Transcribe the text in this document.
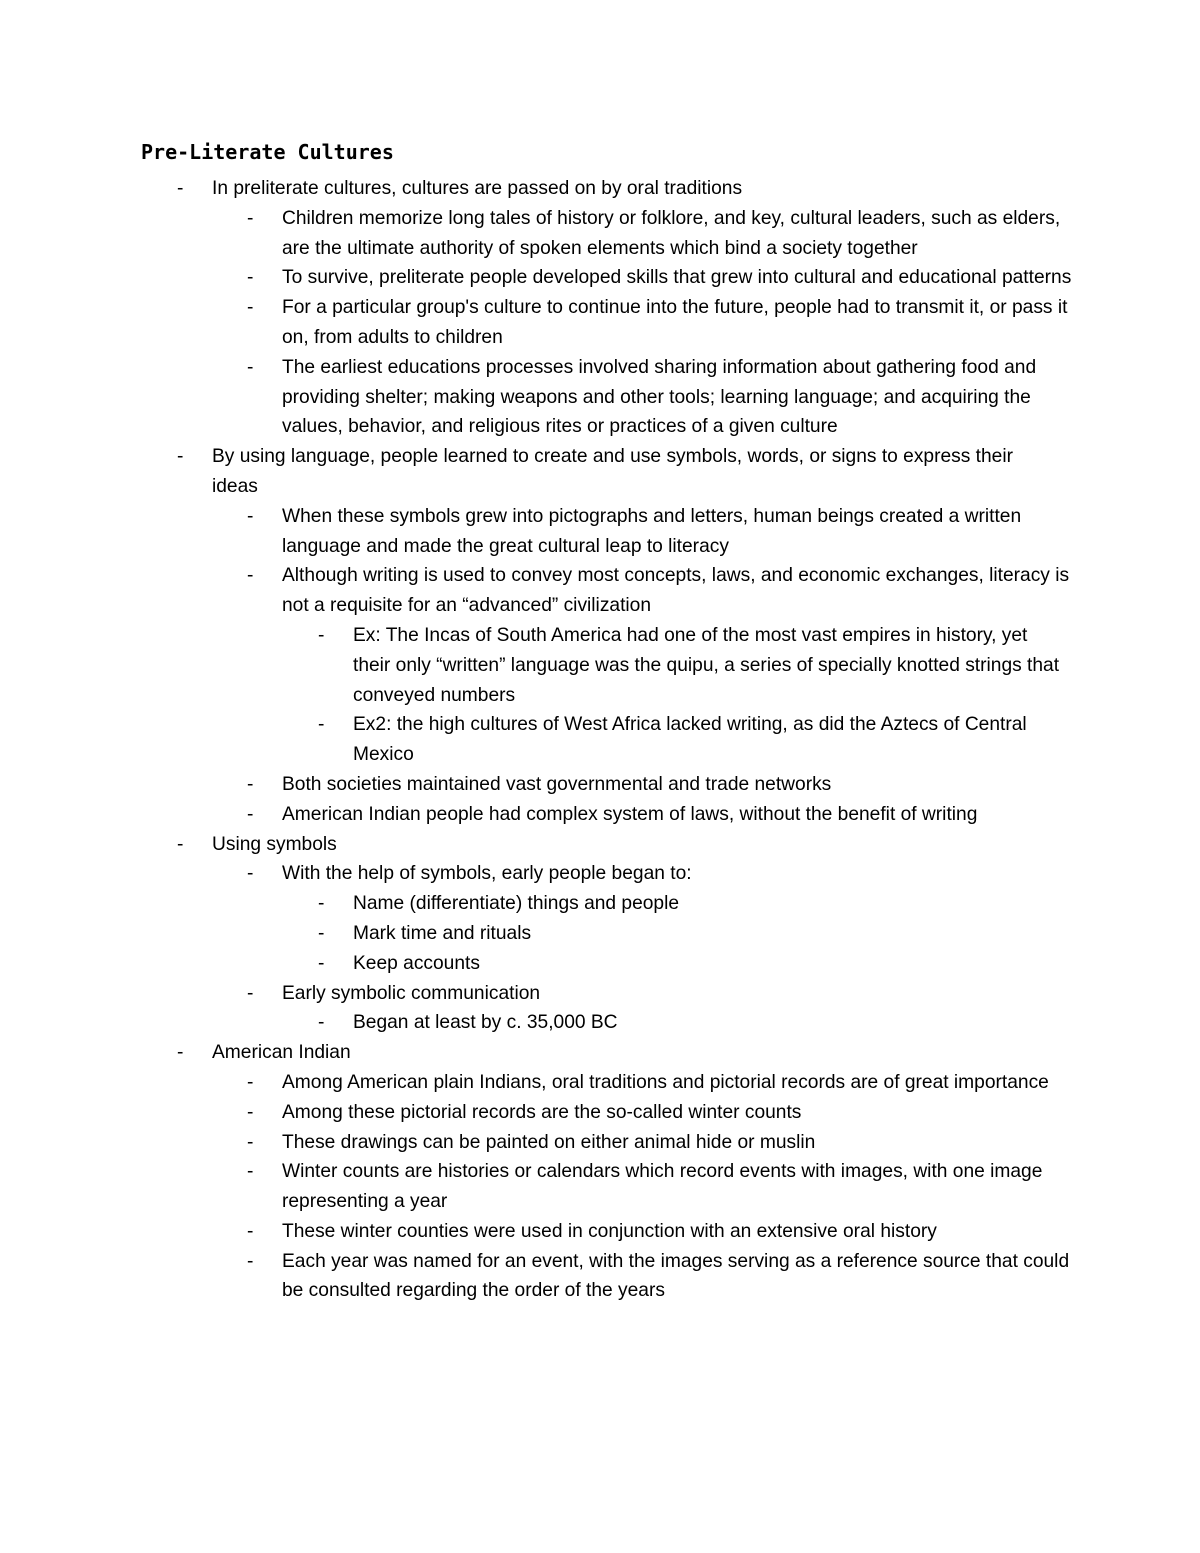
Pre-Literate Cultures
- In preliterate cultures, cultures are passed on by oral traditions
- Children memorize long tales of history or folklore, and key, cultural leaders, such as elders, are the ultimate authority of spoken elements which bind a society together
- To survive, preliterate people developed skills that grew into cultural and educational patterns
- For a particular group's culture to continue into the future, people had to transmit it, or pass it on, from adults to children
- The earliest educations processes involved sharing information about gathering food and providing shelter; making weapons and other tools; learning language; and acquiring the values, behavior, and religious rites or practices of a given culture
- By using language, people learned to create and use symbols, words, or signs to express their ideas
- When these symbols grew into pictographs and letters, human beings created a written language and made the great cultural leap to literacy
- Although writing is used to convey most concepts, laws, and economic exchanges, literacy is not a requisite for an “advanced” civilization
- Ex: The Incas of South America had one of the most vast empires in history, yet their only “written” language was the quipu, a series of specially knotted strings that conveyed numbers
- Ex2: the high cultures of West Africa lacked writing, as did the Aztecs of Central Mexico
- Both societies maintained vast governmental and trade networks
- American Indian people had complex system of laws, without the benefit of writing
- Using symbols
- With the help of symbols, early people began to:
- Name (differentiate) things and people
- Mark time and rituals
- Keep accounts
- Early symbolic communication
- Began at least by c. 35,000 BC
- American Indian
- Among American plain Indians, oral traditions and pictorial records are of great importance
- Among these pictorial records are the so-called winter counts
- These drawings can be painted on either animal hide or muslin
- Winter counts are histories or calendars which record events with images, with one image representing a year
- These winter counties were used in conjunction with an extensive oral history
- Each year was named for an event, with the images serving as a reference source that could be consulted regarding the order of the years
